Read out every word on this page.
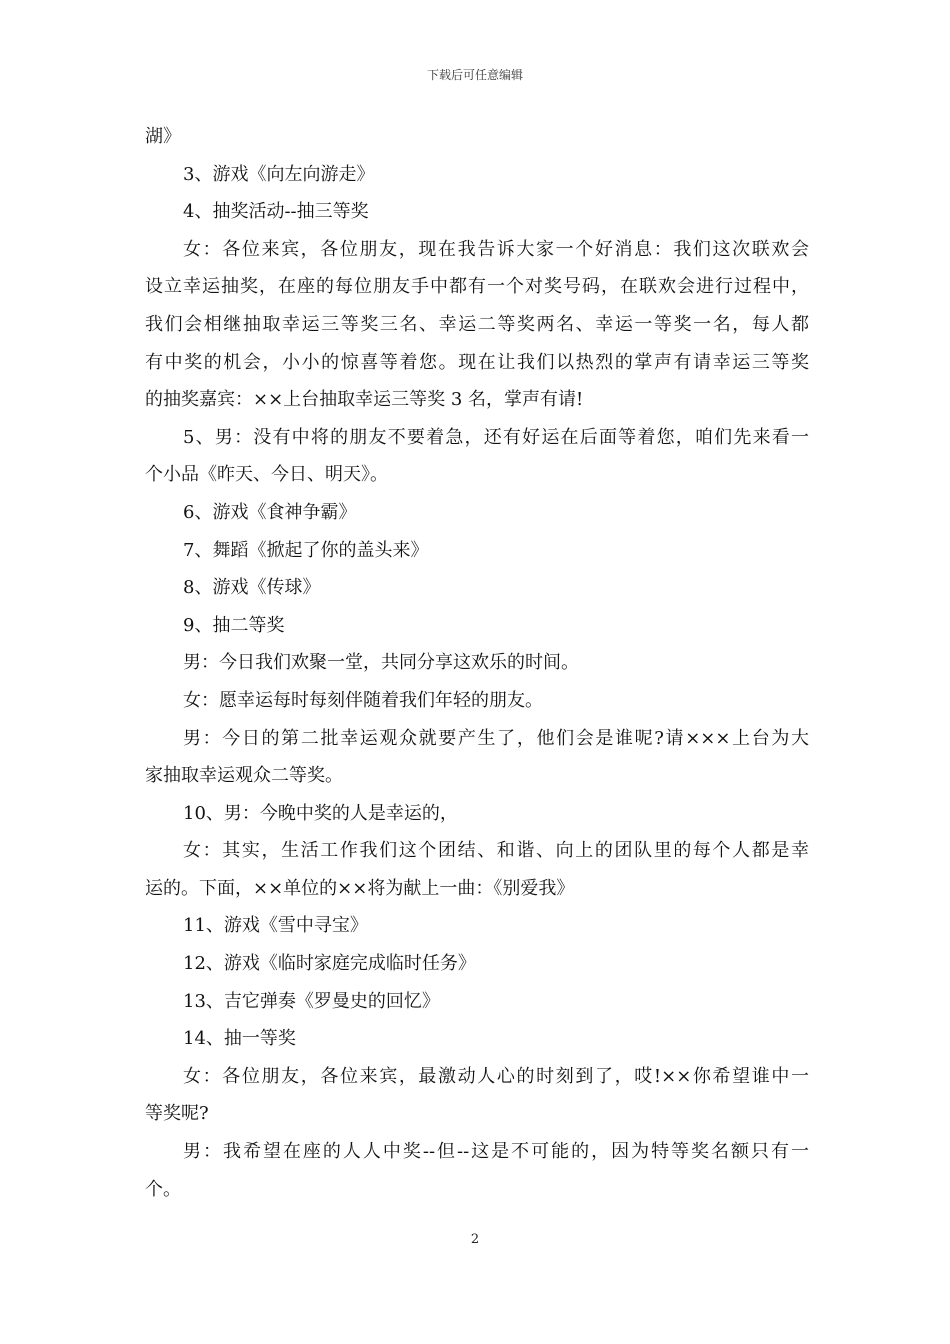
下载后可任意编辑
湖》
3、游戏《向左向游走》
4、抽奖活动--抽三等奖
女：各位来宾，各位朋友，现在我告诉大家一个好消息：我们这次联欢会
设立幸运抽奖，在座的每位朋友手中都有一个对奖号码，在联欢会进行过程中，
我们会相继抽取幸运三等奖三名、幸运二等奖两名、幸运一等奖一名，每人都
有中奖的机会，小小的惊喜等着您。现在让我们以热烈的掌声有请幸运三等奖
的抽奖嘉宾：××上台抽取幸运三等奖 3 名，掌声有请!
5、男：没有中将的朋友不要着急，还有好运在后面等着您，咱们先来看一
个小品《昨天、今日、明天》。
6、游戏《食神争霸》
7、舞蹈《掀起了你的盖头来》
8、游戏《传球》
9、抽二等奖
男：今日我们欢聚一堂，共同分享这欢乐的时间。
女：愿幸运每时每刻伴随着我们年轻的朋友。
男：今日的第二批幸运观众就要产生了，他们会是谁呢?请×××上台为大
家抽取幸运观众二等奖。
10、男：今晚中奖的人是幸运的，
女：其实，生活工作我们这个团结、和谐、向上的团队里的每个人都是幸
运的。下面，××单位的××将为献上一曲：《别爱我》
11、游戏《雪中寻宝》
12、游戏《临时家庭完成临时任务》
13、吉它弹奏《罗曼史的回忆》
14、抽一等奖
女：各位朋友，各位来宾，最激动人心的时刻到了，哎!××你希望谁中一
等奖呢?
男：我希望在座的人人中奖--但--这是不可能的，因为特等奖名额只有一
个。
2
